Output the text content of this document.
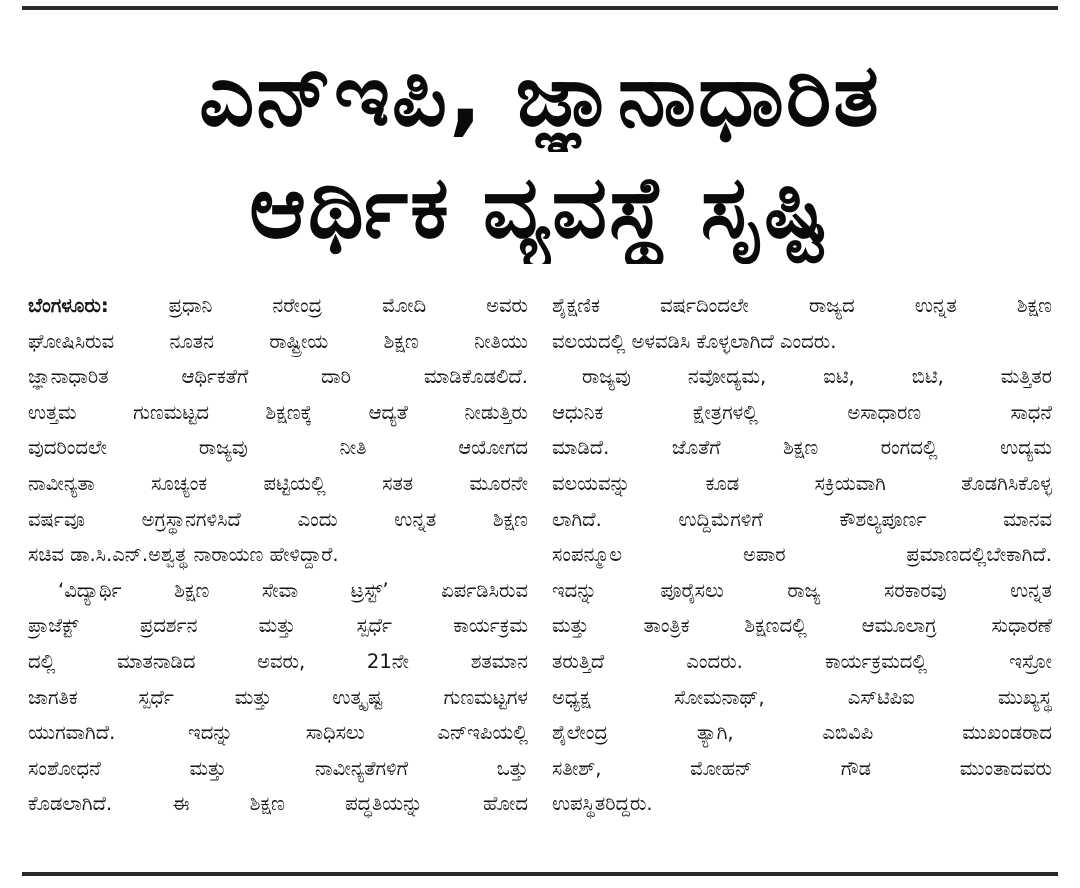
ಎನ್‌ಇಪಿ, ಜ್ಞಾನಾಧಾರಿತ
ಆರ್ಥಿಕ ವ್ಯವಸ್ಥೆ ಸೃಷ್ಟಿ
ಬೆಂಗಳೂರು: ಪ್ರಧಾನಿ ನರೇಂದ್ರ ಮೋದಿ ಅವರು
ಘೋಷಿಸಿರುವ ನೂತನ ರಾಷ್ಟ್ರೀಯ ಶಿಕ್ಷಣ ನೀತಿಯು
ಜ್ಞಾನಾಧಾರಿತ ಆರ್ಥಿಕತೆಗೆ ದಾರಿ ಮಾಡಿಕೊಡಲಿದೆ.
ಉತ್ತಮ ಗುಣಮಟ್ಟದ ಶಿಕ್ಷಣಕ್ಕೆ ಆದ್ಯತೆ ನೀಡುತ್ತಿರು
ವುದರಿಂದಲೇ ರಾಜ್ಯವು ನೀತಿ ಆಯೋಗದ
ನಾವೀನ್ಯತಾ ಸೂಚ್ಯಂಕ ಪಟ್ಟಿಯಲ್ಲಿ ಸತತ ಮೂರನೇ
ವರ್ಷವೂ ಅಗ್ರಸ್ಥಾನಗಳಿಸಿದೆ ಎಂದು ಉನ್ನತ ಶಿಕ್ಷಣ
ಸಚಿವ ಡಾ.ಸಿ.ಎನ್.ಅಶ್ವತ್ಥ ನಾರಾಯಣ ಹೇಳಿದ್ದಾರೆ.
‘ವಿದ್ಯಾರ್ಥಿ ಶಿಕ್ಷಣ ಸೇವಾ ಟ್ರಸ್ಟ್’ ಏರ್ಪಡಿಸಿರುವ
ಪ್ರಾಜೆಕ್ಟ್ ಪ್ರದರ್ಶನ ಮತ್ತು ಸ್ಪರ್ಧೆ ಕಾರ್ಯಕ್ರಮ
ದಲ್ಲಿ ಮಾತನಾಡಿದ ಅವರು, 21ನೇ ಶತಮಾನ
ಜಾಗತಿಕ ಸ್ಪರ್ಧೆ ಮತ್ತು ಉತ್ಕೃಷ್ಟ ಗುಣಮಟ್ಟಗಳ
ಯುಗವಾಗಿದೆ. ಇದನ್ನು ಸಾಧಿಸಲು ಎನ್‌ಇಪಿಯಲ್ಲಿ
ಸಂಶೋಧನೆ ಮತ್ತು ನಾವೀನ್ಯತೆಗಳಿಗೆ ಒತ್ತು
ಕೊಡಲಾಗಿದೆ. ಈ ಶಿಕ್ಷಣ ಪದ್ಧತಿಯನ್ನು ಹೋದ
ಶೈಕ್ಷಣಿಕ ವರ್ಷದಿಂದಲೇ ರಾಜ್ಯದ ಉನ್ನತ ಶಿಕ್ಷಣ
ವಲಯದಲ್ಲಿ ಅಳವಡಿಸಿ ಕೊಳ್ಳಲಾಗಿದೆ ಎಂದರು.
ರಾಜ್ಯವು ನವೋದ್ಯಮ, ಐಟಿ, ಬಿಟಿ, ಮತ್ತಿತರ
ಆಧುನಿಕ ಕ್ಷೇತ್ರಗಳಲ್ಲಿ ಅಸಾಧಾರಣ ಸಾಧನೆ
ಮಾಡಿದೆ. ಜೊತೆಗೆ ಶಿಕ್ಷಣ ರಂಗದಲ್ಲಿ ಉದ್ಯಮ
ವಲಯವನ್ನು ಕೂಡ ಸಕ್ರಿಯವಾಗಿ ತೊಡಗಿಸಿಕೊಳ್ಳ
ಲಾಗಿದೆ. ಉದ್ದಿಮೆಗಳಿಗೆ ಕೌಶಲ್ಯಪೂರ್ಣ ಮಾನವ
ಸಂಪನ್ಮೂಲ ಅಪಾರ ಪ್ರಮಾಣದಲ್ಲಿಬೇಕಾಗಿದೆ.
ಇದನ್ನು ಪೂರೈಸಲು ರಾಜ್ಯ ಸರಕಾರವು ಉನ್ನತ
ಮತ್ತು ತಾಂತ್ರಿಕ ಶಿಕ್ಷಣದಲ್ಲಿ ಆಮೂಲಾಗ್ರ ಸುಧಾರಣೆ
ತರುತ್ತಿದೆ ಎಂದರು. ಕಾರ್ಯಕ್ರಮದಲ್ಲಿ ಇಸ್ರೋ
ಅಧ್ಯಕ್ಷ ಸೋಮನಾಥ್, ಎಸ್‌ಟಿಪಿಐ ಮುಖ್ಯಸ್ಥ
ಶೈಲೇಂದ್ರ ತ್ಯಾಗಿ, ಎಬಿವಿಪಿ ಮುಖಂಡರಾದ
ಸತೀಶ್, ಮೋಹನ್ ಗೌಡ ಮುಂತಾದವರು
ಉಪಸ್ಥಿತರಿದ್ದರು.
